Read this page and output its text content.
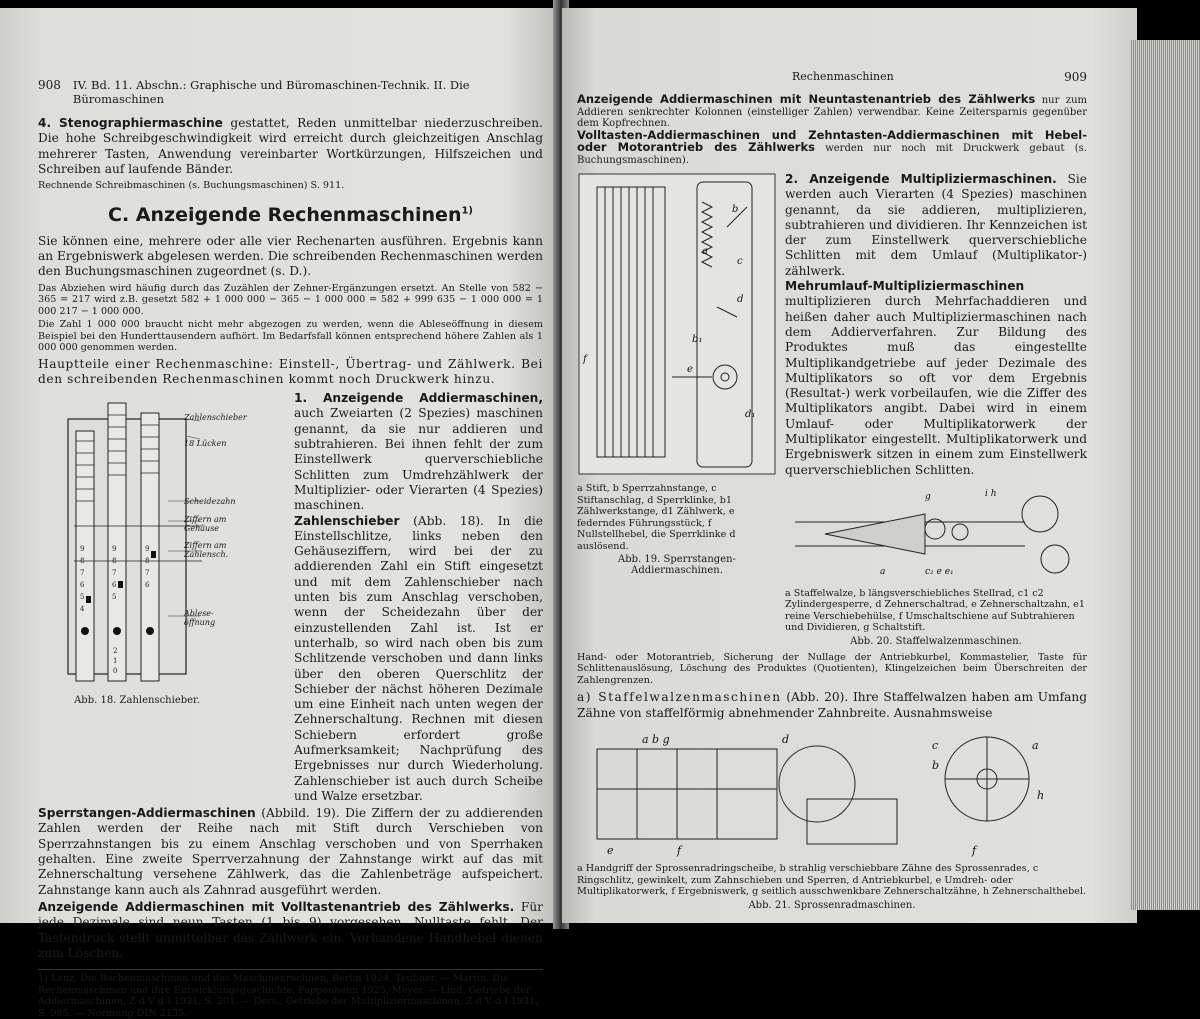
908 IV. Bd. 11. Abschn.: Graphische und Büromaschinen-Technik. II. Die Büromaschinen

4. Stenographiermaschine gestattet, Reden unmittelbar niederzuschreiben. Die hohe Schreibgeschwindigkeit wird erreicht durch gleichzeitigen Anschlag mehrerer Tasten, Anwendung vereinbarter Wortkürzungen, Hilfszeichen und Schreiben auf laufende Bänder.

Rechnende Schreibmaschinen (s. Buchungsmaschinen) S. 911.

C. Anzeigende Rechenmaschinen$^{1)}$

Sie können eine, mehrere oder alle vier Rechenarten ausführen. Ergebnis kann an Ergebniswerk abgelesen werden. Die schreibenden Rechenmaschinen werden den Buchungsmaschinen zugeordnet (s. D.).

Das Abziehen wird häufig durch das Zuzählen der Zehner-Ergänzungen ersetzt. An Stelle von 582 − 365 = 217 wird z.B. gesetzt 582 + 1 000 000 − 365 − 1 000 000 = 582 + 999 635 − 1 000 000 = 1 000 217 − 1 000 000.

Die Zahl 1 000 000 braucht nicht mehr abgezogen zu werden, wenn die Ableseöffnung in diesem Beispiel bei den Hunderttausendern aufhört. Im Bedarfsfall können entsprechend höhere Zahlen als 1 000 000 genommen werden.

Hauptteile einer Rechenmaschine: Einstell-, Übertrag- und Zählwerk. Bei den schreibenden Rechenmaschinen kommt noch Druckwerk hinzu.

9
8
7
6
5
4
9
8
7
6
5
9
8
7
6
2
1
0
Abb. 18. Zahlenschieber.
Zahlenschieber
18 Lücken
Scheidezahn
Ziffern am Gehäuse
Ziffern am Zahlensch.
Ablese-öffnung

1. Anzeigende Addiermaschinen, auch Zweiarten (2 Spezies) maschinen genannt, da sie nur addieren und subtrahieren. Bei ihnen fehlt der zum Einstellwerk querverschiebliche Schlitten zum Umdrehzählwerk der Multiplizier- oder Vierarten (4 Spezies) maschinen.

Zahlenschieber (Abb. 18). In die Einstellschlitze, links neben den Gehäuseziffern, wird bei der zu addierenden Zahl ein Stift eingesetzt und mit dem Zahlenschieber nach unten bis zum Anschlag verschoben, wenn der Scheidezahn über der einzustellenden Zahl ist. Ist er unterhalb, so wird nach oben bis zum Schlitzende verschoben und dann links über den oberen Querschlitz der Schieber der nächst höheren Dezimale um eine Einheit nach unten wegen der Zehnerschaltung. Rechnen mit diesen Schiebern erfordert große Aufmerksamkeit; Nachprüfung des Ergebnisses nur durch Wiederholung. Zahlenschieber ist auch durch Scheibe und Walze ersetzbar.

Sperrstangen-Addiermaschinen (Abbild. 19). Die Ziffern der zu addierenden Zahlen werden der Reihe nach mit Stift durch Verschieben von Sperrzahnstangen bis zu einem Anschlag verschoben und von Sperrhaken gehalten. Eine zweite Sperrverzahnung der Zahnstange wirkt auf das mit Zehnerschaltung versehene Zählwerk, das die Zahlenbeträge aufspeichert. Zahnstange kann auch als Zahnrad ausgeführt werden.

Anzeigende Addiermaschinen mit Volltastenantrieb des Zählwerks. Für jede Dezimale sind neun Tasten (1 bis 9) vorgesehen. Nulltaste fehlt. Der Tastendruck stellt unmittelbar das Zählwerk ein. Vorhandene Handhebel dienen zum Löschen.

1) Lenz, Die Rechenmaschinen und das Maschinenrechnen, Berlin 1924, Teubner. — Martin, Die Rechenmaschinen und ihre Entwicklungsgeschichte, Pappenheim 1925, Meyer. — Lind, Getriebe der Addiermaschinen, Z d V d I 1931, S. 201. — Ders., Getriebe der Multipliziermaschinen, Z d V d I 1931, S. 985. — Normung DIN 2135.
Rechenmaschinen	909

Anzeigende Addiermaschinen mit Neuntastenantrieb des Zählwerks nur zum Addieren senkrechter Kolonnen (einstelliger Zahlen) verwendbar. Keine Zeitersparnis gegenüber dem Kopfrechnen.

Volltasten-Addiermaschinen und Zehntasten-Addiermaschinen mit Hebel- oder Motorantrieb des Zählwerks werden nur noch mit Druckwerk gebaut (s. Buchungsmaschinen).

b
a
c
d
b₁
e
d₁
f
a Stift, b Sperrzahnstange, c Stiftanschlag, d Sperrklinke, b1 Zählwerkstange, d1 Zählwerk, e federndes Führungsstück, f Nullstellhebel, die Sperrklinke d auslösend.
Abb. 19. Sperrstangen-Addiermaschinen.

2. Anzeigende Multipliziermaschinen. Sie werden auch Vierarten (4 Spezies) maschinen genannt, da sie addieren, multiplizieren, subtrahieren und dividieren. Ihr Kennzeichen ist der zum Einstellwerk querverschiebliche Schlitten mit dem Umlauf (Multiplikator-) zählwerk.

Mehrumlauf-Multipliziermaschinen multiplizieren durch Mehrfachaddieren und heißen daher auch Multipliziermaschinen nach dem Addierverfahren. Zur Bildung des Produktes muß das eingestellte Multiplikandgetriebe auf jeder Dezimale des Multiplikators so oft vor dem Ergebnis (Resultat-) werk vorbeilaufen, wie die Ziffer des Multiplikators angibt. Dabei wird in einem Umlauf- oder Multiplikatorwerk der Multiplikator eingestellt. Multiplikatorwerk und Ergebniswerk sitzen in einem zum Einstellwerk querverschieblichen Schlitten.

a	c₂ e e₁
g	i h
a Staffelwalze, b längsverschiebliches Stellrad, c1 c2 Zylindergesperre, d Zehnerschaltrad, e Zehnerschaltzahn, e1 reine Verschiebehülse, f Umschaltschiene auf Subtrahieren und Dividieren, g Schaltstift.
Abb. 20. Staffelwalzenmaschinen.

Hand- oder Motorantrieb, Sicherung der Nullage der Antriebkurbel, Kommastelier, Taste für Schlittenauslösung, Löschung des Produktes (Quotienten), Klingelzeichen beim Überschreiten der Zahlengrenzen.

a) Staffelwalzenmaschinen (Abb. 20). Ihre Staffelwalzen haben am Umfang Zähne von staffelförmig abnehmender Zahnbreite. Ausnahmsweise

a b g	d
e	f
c
b
a
h
f
a Handgriff der Sprossenradringscheibe, b strahlig verschiebbare Zähne des Sprossenrades, c Ringschlitz, gewinkelt, zum Zahnschieben und Sperren, d Antriebkurbel, e Umdreh- oder Multiplikatorwerk, f Ergebniswerk, g seitlich ausschwenkbare Zehnerschaltzähne, h Zehnerschalthebel.
Abb. 21. Sprossenradmaschinen.
